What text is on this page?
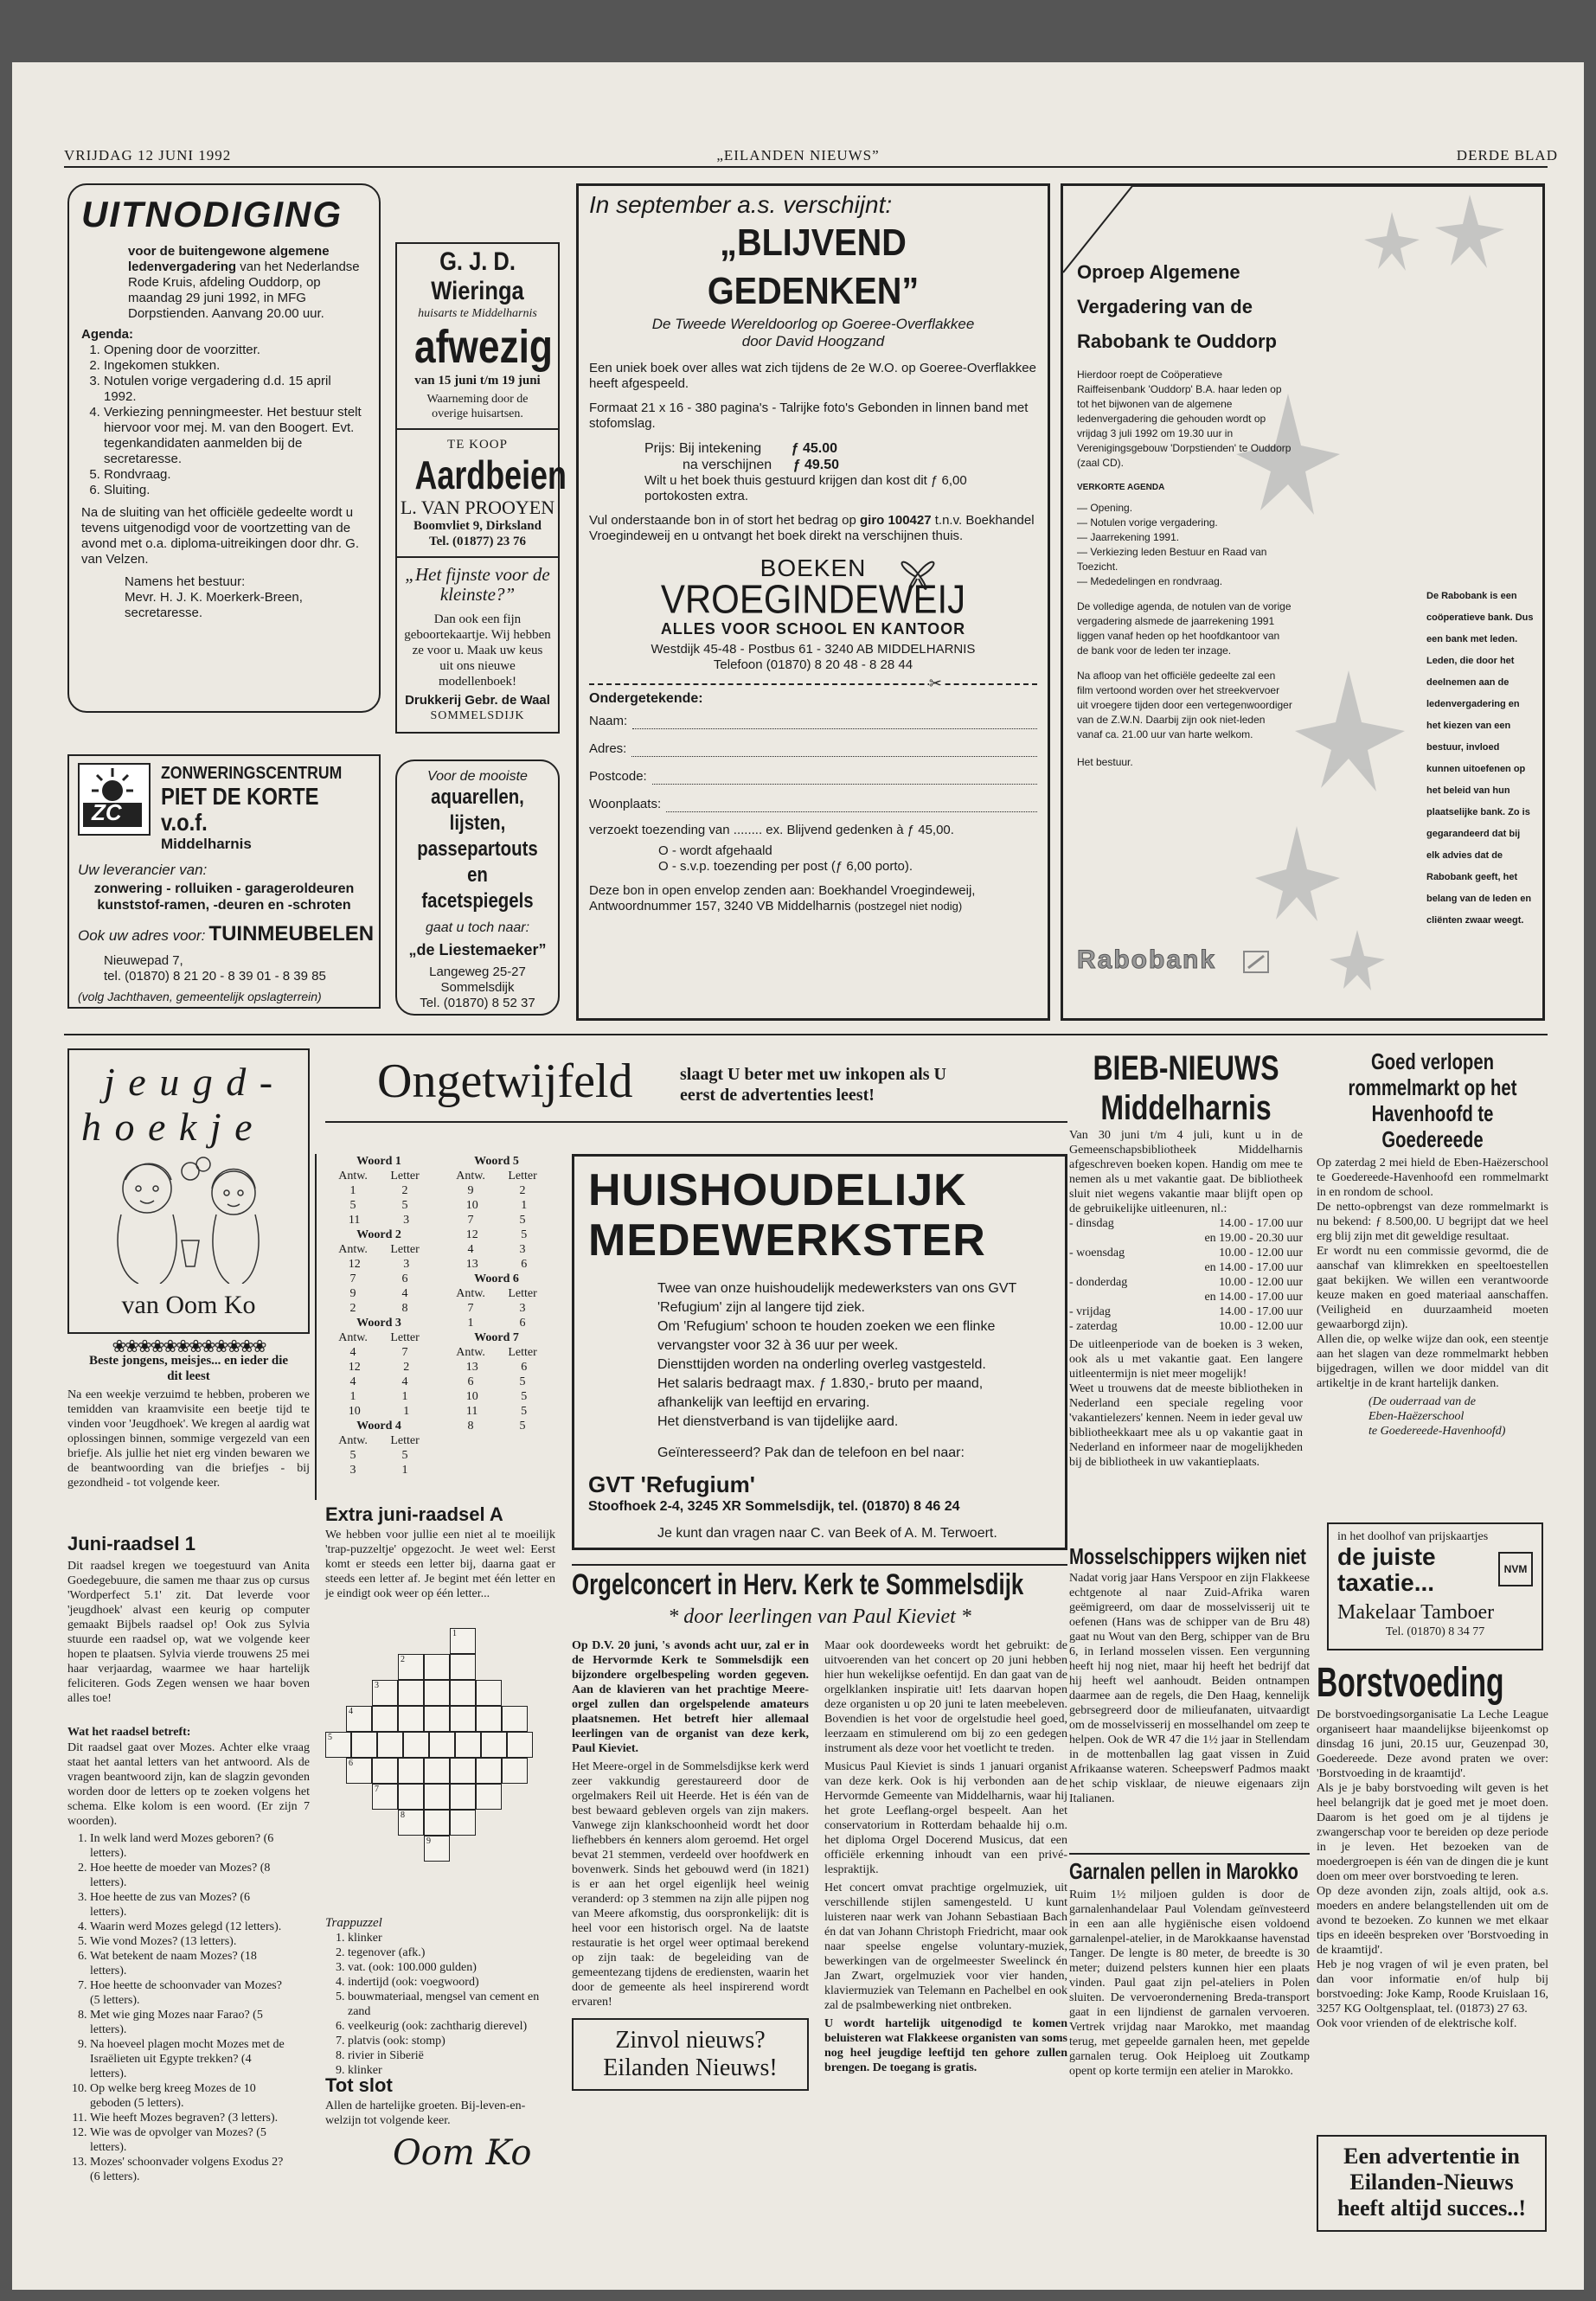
VRIJDAG 12 JUNI 1992	„EILANDEN NIEUWS”	DERDE BLAD
UITNODIGING
voor de buitengewone algemene ledenvergadering van het Nederlandse Rode Kruis, afdeling Ouddorp, op maandag 29 juni 1992, in MFG Dorpstienden. Aanvang 20.00 uur.
Agenda:
1. Opening door de voorzitter.
2. Ingekomen stukken.
3. Notulen vorige vergadering d.d. 15 april 1992.
4. Verkiezing penningmeester. Het bestuur stelt hiervoor voor mej. M. van den Boogert. Evt. tegenkandidaten aanmelden bij de secretaresse.
5. Rondvraag.
6. Sluiting.

Na de sluiting van het officiële gedeelte wordt u tevens uitgenodigd voor de voortzetting van de avond met o.a. diploma-uitreikingen door dhr. G. van Velzen.

Namens het bestuur:

Mevr. H. J. K. Moerkerk-Breen, secretaresse.

G. J. D. Wieringa
huisarts te Middelharnis
afwezig
van 15 juni t/m 19 juni
Waarneming door de overige huisartsen.
TE KOOP
Aardbeien
L. VAN PROOYEN
Boomvliet 9, Dirksland
Tel. (01877) 23 76
„Het fijnste voor de kleinste?”
Dan ook een fijn geboortekaartje. Wij hebben ze voor u. Maak uw keus uit ons nieuwe modellenboek!
Drukkerij Gebr. de Waal
SOMMELSDIJK
ZC
ZONWERINGSCENTRUM
PIET DE KORTE v.o.f.
Middelharnis
Uw leverancier van:
zonwering - rolluiken - garageroldeuren kunststof-ramen, -deuren en -schroten
Ook uw adres voor: TUINMEUBELEN
Nieuwepad 7,
tel. (01870) 8 21 20 - 8 39 01 - 8 39 85
(volg Jachthaven, gemeentelijk opslagterrein)
Voor de mooiste
aquarellen, lijsten, passepartouts en facetspiegels
gaat u toch naar:
„de Liestemaeker”
Langeweg 25-27
Sommelsdijk
Tel. (01870) 8 52 37
In september a.s. verschijnt:
„BLIJVEND GEDENKEN”
De Tweede Wereldoorlog op Goeree-Overflakkee door David Hoogzand

Een uniek boek over alles wat zich tijdens de 2e W.O. op Goeree-Overflakkee heeft afgespeeld.

Formaat 21 x 16 - 380 pagina's - Talrijke foto's Gebonden in linnen band met stofomslag.

Prijs: Bij intekening ƒ 45.00
na verschijnen ƒ 49.50

Wilt u het boek thuis gestuurd krijgen dan kost dit ƒ 6,00 portokosten extra.

Vul onderstaande bon in of stort het bedrag op giro 100427 t.n.v. Boekhandel Vroegindeweij en u ontvangt het boek direkt na verschijnen thuis.

BOEKEN
VROEGINDEWEIJ
ALLES VOOR SCHOOL EN KANTOOR
Westdijk 45-48 - Postbus 61 - 3240 AB MIDDELHARNIS
Telefoon (01870) 8 20 48 - 8 28 44
✂
Ondergetekende:
Naam:
Adres:
Postcode:
Woonplaats:

verzoekt toezending van ........ ex. Blijvend gedenken à ƒ 45,00.

O - wordt afgehaald

O - s.v.p. toezending per post (ƒ 6,00 porto).

Deze bon in open envelop zenden aan: Boekhandel Vroegindeweij, Antwoordnummer 157, 3240 VB Middelharnis (postzegel niet nodig)

Oproep Algemene
Vergadering van de
Rabobank te Ouddorp

Hierdoor roept de Coöperatieve Raiffeisenbank 'Ouddorp' B.A. haar leden op tot het bijwonen van de algemene ledenvergadering die gehouden wordt op vrijdag 3 juli 1992 om 19.30 uur in Verenigingsgebouw 'Dorpstienden' te Ouddorp (zaal CD).

VERKORTE AGENDA
— Opening.
— Notulen vorige vergadering.
— Jaarrekening 1991.
— Verkiezing leden Bestuur en Raad van Toezicht.
— Mededelingen en rondvraag.

De volledige agenda, de notulen van de vorige vergadering alsmede de jaarrekening 1991 liggen vanaf heden op het hoofdkantoor van de bank voor de leden ter inzage.

Na afloop van het officiële gedeelte zal een film vertoond worden over het streekvervoer uit vroegere tijden door een vertegenwoordiger van de Z.W.N. Daarbij zijn ook niet-leden vanaf ca. 21.00 uur van harte welkom.

Het bestuur.

De Rabobank is een coöperatieve bank. Dus een bank met leden. Leden, die door het deelnemen aan de ledenvergadering en het kiezen van een bestuur, invloed kunnen uitoefenen op het beleid van hun plaatselijke bank. Zo is gegarandeerd dat bij elk advies dat de Rabobank geeft, het belang van de leden en cliënten zwaar weegt.
Rabobank
j e u g d -
h o e k j e
van Oom Ko
❀❀❀❀❀❀❀❀❀❀❀❀
Beste jongens, meisjes... en ieder die dit leest

Na een weekje verzuimd te hebben, proberen we temidden van kraamvisite een beetje tijd te vinden voor 'Jeugdhoek'. We kregen al aardig wat oplossingen binnen, sommige vergezeld van een briefje. Als jullie het niet erg vinden bewaren we de beantwoording van die briefjes - bij gezondheid - tot volgende keer.

Juni-raadsel 1

Dit raadsel kregen we toegestuurd van Anita Goedegebuure, die samen me thaar zus op cursus 'Wordperfect 5.1' zit. Dat leverde voor 'jeugdhoek' alvast een keurig op computer gemaakt Bijbels raadsel op! Ook zus Sylvia stuurde een raadsel op, wat we volgende keer hopen te plaatsen. Sylvia vierde trouwens 25 mei haar verjaardag, waarmee we haar hartelijk feliciteren. Gods Zegen wensen we haar boven alles toe!

Wat het raadsel betreft:

Dit raadsel gaat over Mozes. Achter elke vraag staat het aantal letters van het antwoord. Als de vragen beantwoord zijn, kan de slagzin gevonden worden door de letters op te zoeken volgens het schema. Elke kolom is een woord. (Er zijn 7 woorden).

1. In welk land werd Mozes geboren? (6 letters).
2. Hoe heette de moeder van Mozes? (8 letters).
3. Hoe heette de zus van Mozes? (6 letters).
4. Waarin werd Mozes gelegd (12 letters).
5. Wie vond Mozes? (13 letters).
6. Wat betekent de naam Mozes? (18 letters).
7. Hoe heette de schoonvader van Mozes? (5 letters).
8. Met wie ging Mozes naar Farao? (5 letters).
9. Na hoeveel plagen mocht Mozes met de Israëlieten uit Egypte trekken? (4 letters).
10. Op welke berg kreeg Mozes de 10 geboden (5 letters).
11. Wie heeft Mozes begraven? (3 letters).
12. Wie was de opvolger van Mozes? (5 letters).
13. Mozes' schoonvader volgens Exodus 2? (6 letters).
Ongetwijfeld	slaagt U beter met uw inkopen als U eerst de advertenties leest!
Woord 1
Antw. Letter
1	2
5	5
11	3
Woord 2
Antw. Letter
12	3
7	6
9	4
2	8
Woord 3
Antw. Letter
4	7
12	2
4	4
1	1
10	1
Woord 4
Antw. Letter
5	5
3	1
Woord 5
Antw. Letter
9	2
10	1
7	5
12	5
4	3
13	6
Woord 6
Antw. Letter
7	3
1	6
Woord 7
Antw. Letter
13	6
6	5
10	5
11	5
8	5
Extra juni-raadsel A

We hebben voor jullie een niet al te moeilijk 'trap-puzzeltje' opgezocht. Je weet wel: Eerst komt er steeds een letter bij, daarna gaat er steeds een letter af. Je begint met één letter en je eindigt ook weer op één letter...

1
2
3
4
5
6
7
8
9
Trappuzzel
1. klinker
2. tegenover (afk.)
3. vat. (ook: 100.000 gulden)
4. indertijd (ook: voegwoord)
5. bouwmateriaal, mengsel van cement en zand
6. veelkeurig (ook: zachtharig dierevel)
7. platvis (ook: stomp)
8. rivier in Siberië
9. klinker
Tot slot

Allen de hartelijke groeten. Bij-leven-en-welzijn tot volgende keer.

Oom Ko
HUISHOUDELIJK
MEDEWERKSTER

Twee van onze huishoudelijk medewerksters van ons GVT 'Refugium' zijn al langere tijd ziek.

Om 'Refugium' schoon te houden zoeken we een flinke vervangster voor 32 à 36 uur per week.

Diensttijden worden na onderling overleg vastgesteld.

Het salaris bedraagt max. ƒ 1.830,- bruto per maand, afhankelijk van leeftijd en ervaring.

Het dienstverband is van tijdelijke aard.

Geïnteresseerd? Pak dan de telefoon en bel naar:

GVT 'Refugium'
Stoofhoek 2-4, 3245 XR Sommelsdijk, tel. (01870) 8 46 24
Je kunt dan vragen naar C. van Beek of A. M. Terwoert.
Orgelconcert in Herv. Kerk te Sommelsdijk
* door leerlingen van Paul Kieviet *

Op D.V. 20 juni, 's avonds acht uur, zal er in de Hervormde Kerk te Sommelsdijk een bijzondere orgelbespeling worden gegeven. Aan de klavieren van het prachtige Meere-orgel zullen dan orgelspelende amateurs plaatsnemen. Het betreft hier allemaal leerlingen van de organist van deze kerk, Paul Kieviet.

Het Meere-orgel in de Sommelsdijkse kerk werd zeer vakkundig gerestaureerd door de orgelmakers Reil uit Heerde. Het is één van de best bewaard gebleven orgels van zijn makers. Vanwege zijn klankschoonheid wordt het door liefhebbers én kenners alom geroemd. Het orgel bevat 21 stemmen, verdeeld over hoofdwerk en bovenwerk. Sinds het gebouwd werd (in 1821) is er aan het orgel eigenlijk heel weinig veranderd: op 3 stemmen na zijn alle pijpen nog van Meere afkomstig, dus oorspronkelijk: dit is heel voor een historisch orgel. Na de laatste restauratie is het orgel weer optimaal berekend op zijn taak: de begeleiding van de gemeentezang tijdens de erediensten, waarin het door de gemeente als heel inspirerend wordt ervaren!

Zinvol nieuws? Eilanden Nieuws!

Maar ook doordeweeks wordt het gebruikt: de uitvoerenden van het concert op 20 juni hebben hier hun wekelijkse oefentijd. En dan gaat van de orgelklanken inspiratie uit! Iets daarvan hopen deze organisten u op 20 juni te laten meebeleven. Bovendien is het voor de orgelstudie heel goed, leerzaam en stimulerend om bij zo een gedegen instrument als deze voor het voetlicht te treden.

Musicus Paul Kieviet is sinds 1 januari organist van deze kerk. Ook is hij verbonden aan de Hervormde Gemeente van Middelharnis, waar hij het grote Leeflang-orgel bespeelt. Aan het conservatorium in Rotterdam behaalde hij o.m. het diploma Orgel Docerend Musicus, dat een officiële erkenning inhoudt van een privé-lespraktijk.

Het concert omvat prachtige orgelmuziek, uit verschillende stijlen samengesteld. U kunt luisteren naar werk van Johann Sebastiaan Bach én dat van Johann Christoph Friedricht, maar ook naar speelse engelse voluntary-muziek, bewerkingen van de orgelmeester Sweelinck én Jan Zwart, orgelmuziek voor vier handen, klaviermuziek van Telemann en Pachelbel en ook zal de psalmbewerking niet ontbreken.

U wordt hartelijk uitgenodigd te komen beluisteren wat Flakkeese organisten van soms nog heel jeugdige leeftijd ten gehore zullen brengen. De toegang is gratis.

BIEB-NIEUWS
Middelharnis

Van 30 juni t/m 4 juli, kunt u in de Gemeenschapsbibliotheek Middelharnis afgeschreven boeken kopen. Handig om mee te nemen als u met vakantie gaat. De bibliotheek sluit niet wegens vakantie maar blijft open op de gebruikelijke uitleenuren, nl.:

- dinsdag	14.00 - 17.00 uur
en 19.00 - 20.30 uur
- woensdag	10.00 - 12.00 uur
en 14.00 - 17.00 uur
- donderdag	10.00 - 12.00 uur
en 14.00 - 17.00 uur
- vrijdag	14.00 - 17.00 uur
- zaterdag	10.00 - 12.00 uur

De uitleenperiode van de boeken is 3 weken, ook als u met vakantie gaat. Een langere uitleentermijn is niet meer mogelijk!

Weet u trouwens dat de meeste bibliotheken in Nederland een speciale regeling voor 'vakantielezers' kennen. Neem in ieder geval uw bibliotheekkaart mee als u op vakantie gaat in Nederland en informeer naar de mogelijkheden bij de bibliotheek in uw vakantieplaats.

Goed verlopen rommelmarkt op het Havenhoofd te Goedereede

Op zaterdag 2 mei hield de Eben-Haëzerschool te Goedereede-Havenhoofd een rommelmarkt in en rondom de school.

De netto-opbrengst van deze rommelmarkt is nu bekend: ƒ 8.500,00. U begrijpt dat we heel erg blij zijn met dit geweldige resultaat.

Er wordt nu een commissie gevormd, die de aanschaf van klimrekken en speeltoestellen gaat bekijken. We willen een verantwoorde keuze maken en goed materiaal aanschaffen. (Veiligheid en duurzaamheid moeten gewaarborgd zijn).

Allen die, op welke wijze dan ook, een steentje aan het slagen van deze rommelmarkt hebben bijgedragen, willen we door middel van dit artikeltje in de krant hartelijk danken.

(De ouderraad van de
Eben-Haëzerschool
te Goedereede-Havenhoofd)
in het doolhof van prijskaartjes
de juiste taxatie...	NVM
Makelaar Tamboer
Tel. (01870) 8 34 77
Mosselschippers wijken niet

Nadat vorig jaar Hans Verspoor en zijn Flakkeese echtgenote al naar Zuid-Afrika waren geëmigreerd, om daar de mosselvisserij uit te oefenen (Hans was de schipper van de Bru 48) gaat nu Wout van den Berg, schipper van de Bru 6, in Ierland mosselen vissen. Een vergunning heeft hij nog niet, maar hij heeft het bedrijf dat hij heeft wel aanhoudt. Beiden ontnampen daarmee aan de regels, die Den Haag, kennelijk gebrsegreerd door de milieufanaten, uitvaardigt om de mosselvisserij en mosselhandel om zeep te helpen. Ook de WR 47 die 1½ jaar in Stellendam in de mottenballen lag gaat vissen in Zuid Afrikaanse wateren. Scheepswerf Padmos maakt het schip visklaar, de nieuwe eigenaars zijn Italianen.

Garnalen pellen in Marokko

Ruim 1½ miljoen gulden is door de garnalenhandelaar Paul Volendam geïnvesteerd in een aan alle hygiënische eisen voldoend garnalenpel-atelier, in de Marokkaanse havenstad Tanger. De lengte is 80 meter, de breedte is 30 meter; duizend pelsters kunnen hier een plaats vinden. Paul gaat zijn pel-ateliers in Polen sluiten. De vervoerondernening Breda-transport gaat in een lijndienst de garnalen vervoeren. Vertrek vrijdag naar Marokko, met maandag terug, met gepeelde garnalen heen, met gepelde garnalen terug. Ook Heiploeg uit Zoutkamp opent op korte termijn een atelier in Marokko.

Borstvoeding

De borstvoedingsorganisatie La Leche League organiseert haar maandelijkse bijeenkomst op dinsdag 16 juni, 20.15 uur, Geuzenpad 30, Goedereede. Deze avond praten we over: 'Borstvoeding in de kraamtijd'.

Als je je baby borstvoeding wilt geven is het heel belangrijk dat je goed met je moet doen. Daarom is het goed om je al tijdens je zwangerschap voor te bereiden op deze periode in je leven. Het bezoeken van de moedergroepen is één van de dingen die je kunt doen om meer over borstvoeding te leren.

Op deze avonden zijn, zoals altijd, ook a.s. moeders en andere belangstellenden uit om de avond te bezoeken. Zo kunnen we met elkaar tips en ideeën bespreken over 'Borstvoeding in de kraamtijd'.

Heb je nog vragen of wil je even praten, bel dan voor informatie en/of hulp bij borstvoeding: Joke Kamp, Roode Kruislaan 16, 3257 KG Ooltgensplaat, tel. (01873) 27 63.

Ook voor vrienden of de elektrische kolf.

Een advertentie in Eilanden-Nieuws heeft altijd succes..!
